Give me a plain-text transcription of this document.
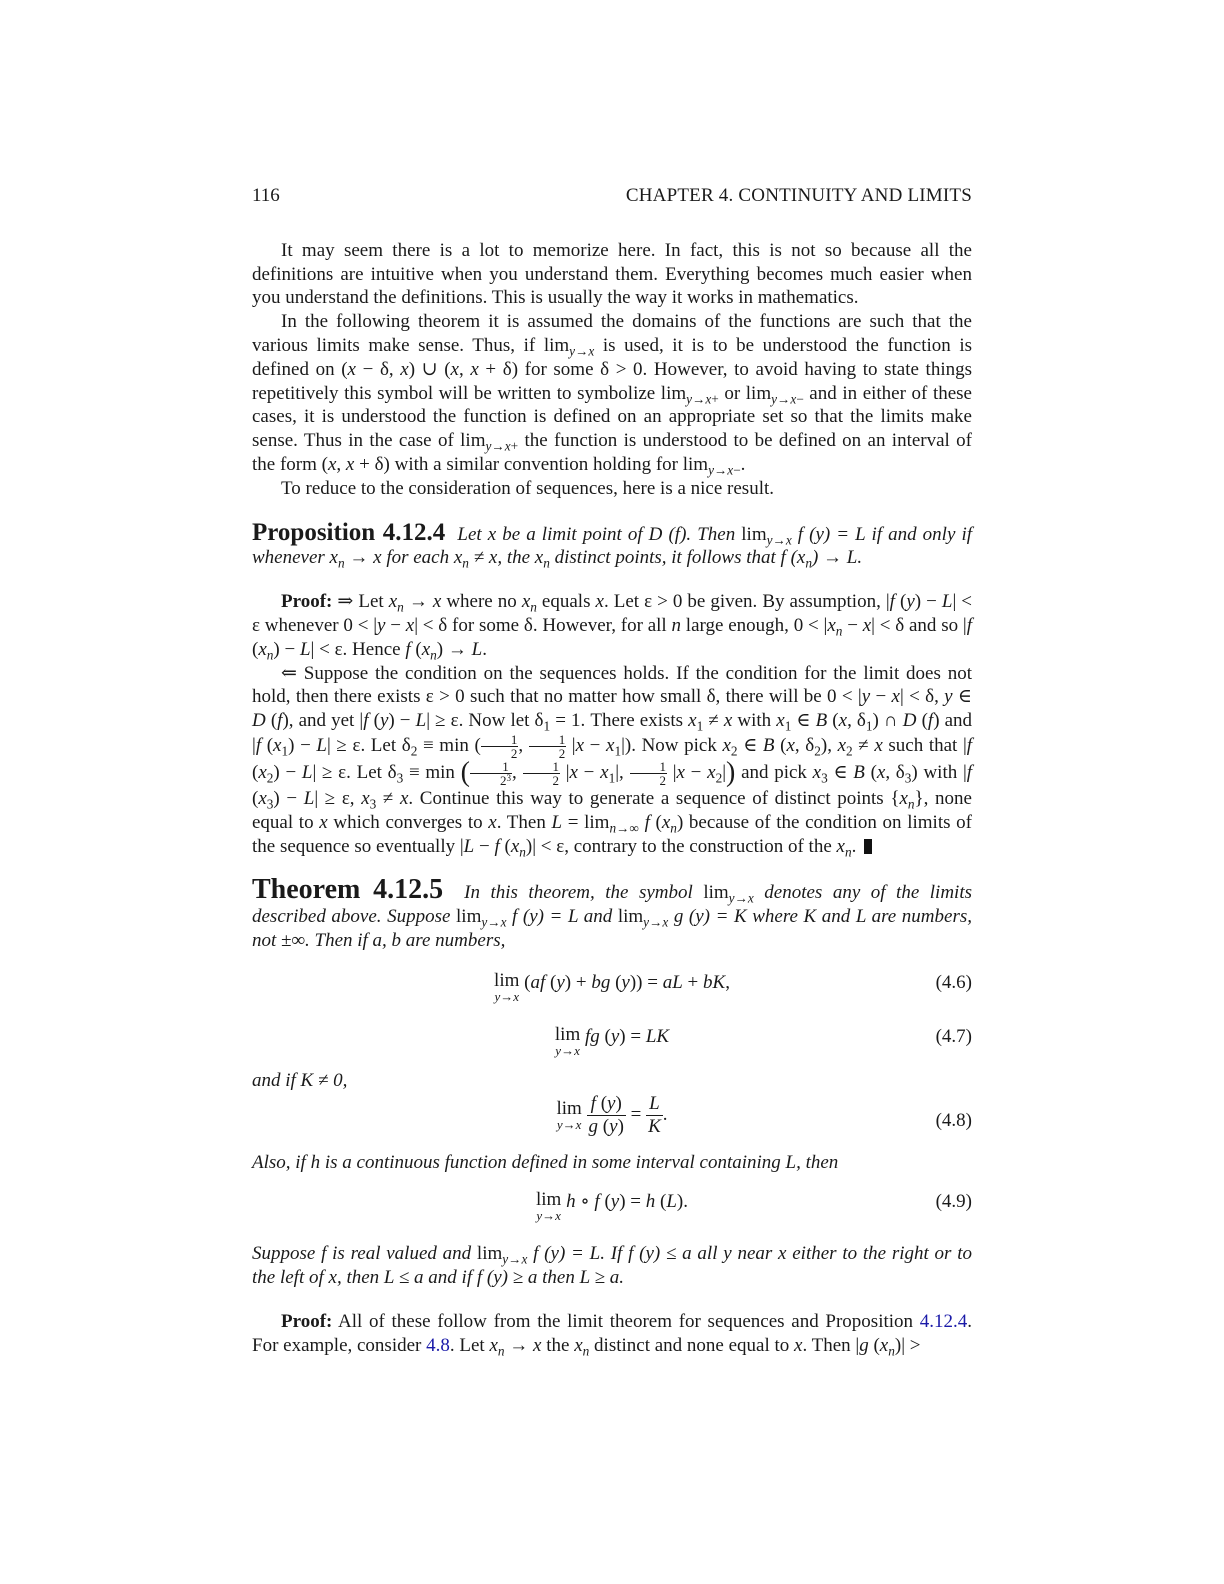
116	CHAPTER 4. CONTINUITY AND LIMITS

It may seem there is a lot to memorize here. In fact, this is not so because all the definitions are intuitive when you understand them. Everything becomes much easier when you understand the definitions. This is usually the way it works in mathematics.

In the following theorem it is assumed the domains of the functions are such that the various limits make sense. Thus, if $\lim_{y\to x}$ is used, it is to be understood the function is defined on (x − δ, x) ∪ (x, x + δ) for some δ > 0. However, to avoid having to state things repetitively this symbol will be written to symbolize $\lim_{y\to x+}$ or $\lim_{y\to x-}$ and in either of these cases, it is understood the function is defined on an appropriate set so that the limits make sense. Thus in the case of $\lim_{y\to x+}$ the function is understood to be defined on an interval of the form (x, x + δ) with a similar convention holding for $\lim_{y\to x-}$.

To reduce to the consideration of sequences, here is a nice result.

Proposition 4.12.4 Let x be a limit point of D (f). Then $\lim_{y\to x} f$ (y) = L if and only if whenever $x_n \to x$ for each $x_n \ne x$, the $x_n$ distinct points, it follows that f $(x_n) \to L$.

Proof: ⇒ Let $x_n \to x$ where no $x_n$ equals x. Let ε > 0 be given. By assumption, |f (y) − L| < ε whenever 0 < |y − x| < δ for some δ. However, for all n large enough, $0 < |x_n - x| < \delta$ and so |f $(x_n) - L| < \varepsilon$. Hence f $(x_n) \to L$.

⇐ Suppose the condition on the sequences holds. If the condition for the limit does not hold, then there exists ε > 0 such that no matter how small δ, there will be 0 < |y − x| < δ, y ∈ D (f), and yet |f (y) − L| ≥ ε. Now let $\delta_1 = 1$. There exists $x_1 \ne x$ with $x_1$ ∈ B (x, $\delta_1$) ∩ D (f) and |f $(x_1) - L| \ge \varepsilon$. Let $\delta_2 \equiv \min$ ( $\frac{1}{2}$ , $\frac{1}{2} |x - x_1|$). Now pick $x_2$ ∈ B (x, $\delta_2$), $x_2 \ne x$ such that |f $(x_2) - L| \ge \varepsilon$. Let $\delta_3 \equiv \min$ ( $\frac{1}{2^3}$ , $\frac{1}{2} |x - x_1|$, $\frac{1}{2} |x - x_2|$) and pick $x_3$ ∈ B (x, $\delta_3$) with |f $(x_3) - L| \ge \varepsilon$, $x_3 \ne x$. Continue this way to generate a sequence of distinct points $\{x_n\}$, none equal to x which converges to x. Then $L = \lim_{n\to\infty} f$ $(x_n)$ because of the condition on limits of the sequence so eventually |L − f $(x_n)| < \varepsilon$, contrary to the construction of the $x_n$.

Theorem 4.12.5 In this theorem, the symbol $\lim_{y\to x}$ denotes any of the limits described above. Suppose $\lim_{y\to x} f$ (y) = L and $\lim_{y\to x} g$ (y) = K where K and L are numbers, not ±∞. Then if a, b are numbers,

lim
y→x
(af (y) + bg (y)) = aL + bK,	(4.6)
lim
y→x
fg (y) = LK	(4.7)

and if K ≠ 0,

lim
y→x
$\frac{f (y)}{g (y)} = \frac{L}{K}$ .	(4.8)

Also, if h is a continuous function defined in some interval containing L, then

lim
y→x
h ∘ f (y) = h (L).	(4.9)

Suppose f is real valued and $\lim_{y\to x} f$ (y) = L. If f (y) ≤ a all y near x either to the right or to the left of x, then L ≤ a and if f (y) ≥ a then L ≥ a.

Proof: All of these follow from the limit theorem for sequences and Proposition 4.12.4. For example, consider 4.8. Let $x_n \to x$ the $x_n$ distinct and none equal to x. Then |g $(x_n)|$ >
